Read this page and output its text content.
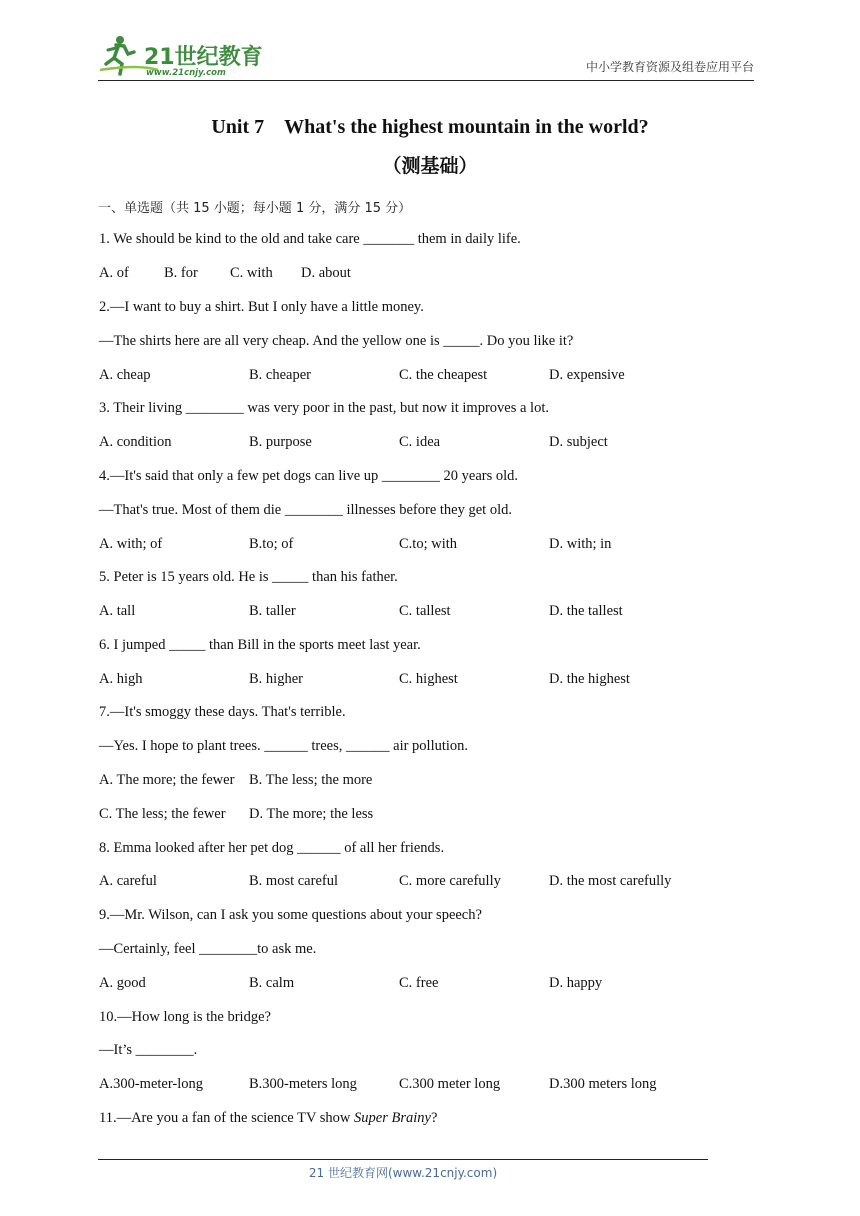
21世纪教育
www.21cnjy.com	中小学教育资源及组卷应用平台
Unit 7　What's the highest mountain in the world?
（测基础）
一、单选题（共 15 小题；每小题 1 分，满分 15 分）
1. We should be kind to the old and take care _______ them in daily life.
A. of B. for C. with D. about
2.—I want to buy a shirt. But I only have a little money.
—The shirts here are all very cheap. And the yellow one is _____. Do you like it?
A. cheap	B. cheaper	C. the cheapest	D. expensive
3. Their living ________ was very poor in the past, but now it improves a lot.
A. condition	B. purpose	C. idea	D. subject
4.—It's said that only a few pet dogs can live up ________ 20 years old.
—That's true. Most of them die ________ illnesses before they get old.
A. with; of	B.to; of	C.to; with	D. with; in
5. Peter is 15 years old. He is _____ than his father.
A. tall	B. taller	C. tallest	D. the tallest
6. I jumped _____ than Bill in the sports meet last year.
A. high	B. higher	C. highest	D. the highest
7.—It's smoggy these days. That's terrible.
—Yes. I hope to plant trees. ______ trees, ______ air pollution.
A. The more; the fewer B. The less; the more
C. The less; the fewer D. The more; the less
8. Emma looked after her pet dog ______ of all her friends.
A. careful	B. most careful	C. more carefully	D. the most carefully
9.—Mr. Wilson, can I ask you some questions about your speech?
—Certainly, feel ________to ask me.
A. good	B. calm	C. free	D. happy
10.—How long is the bridge?
—It’s ________.
A.300-meter-long	B.300-meters long	C.300 meter long	D.300 meters long
11.—Are you a fan of the science TV show Super Brainy?
21 世纪教育网(www.21cnjy.com)
